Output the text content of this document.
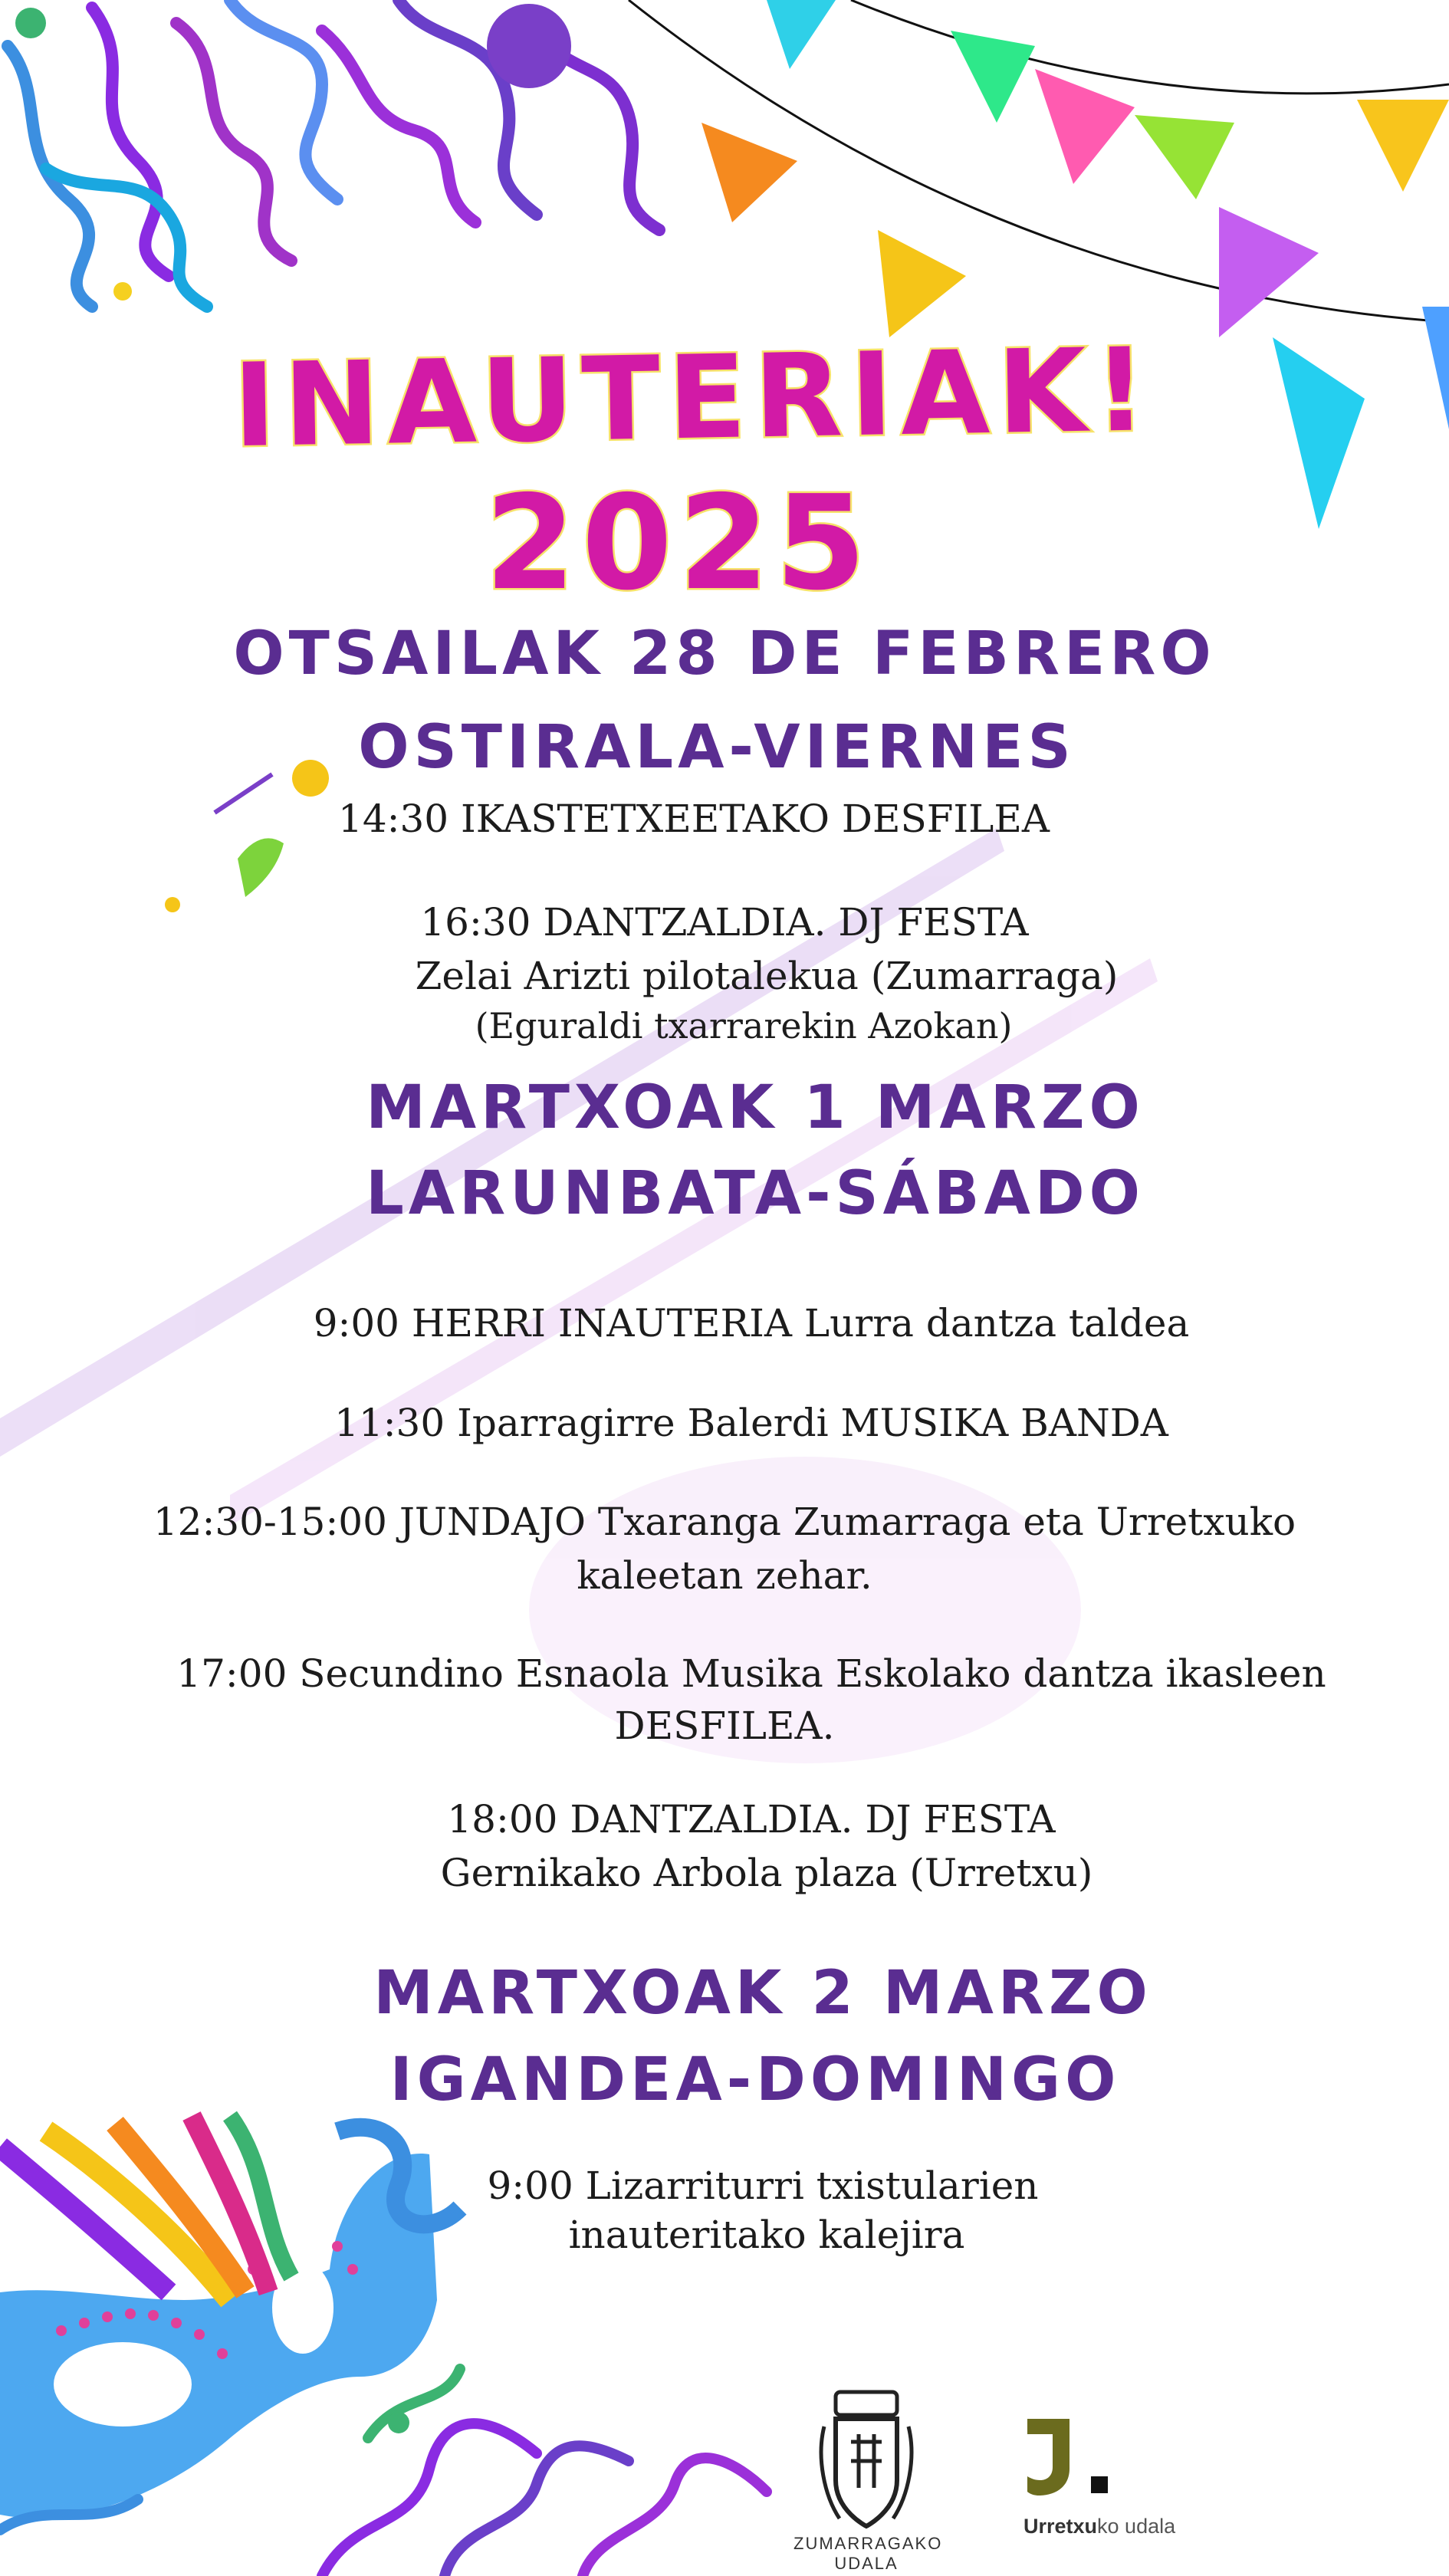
INAUTERIAK!
2025
OTSAILAK 28 DE FEBRERO
OSTIRALA-VIERNES
14:30 IKASTETXEETAKO DESFILEA
16:30 DANTZALDIA. DJ FESTA
Zelai Arizti pilotalekua (Zumarraga)
(Eguraldi txarrarekin Azokan)
MARTXOAK 1 MARZO
LARUNBATA-SÁBADO
9:00 HERRI INAUTERIA Lurra dantza taldea
11:30 Iparragirre Balerdi MUSIKA BANDA
12:30-15:00 JUNDAJO Txaranga Zumarraga eta Urretxuko
kaleetan zehar.
17:00 Secundino Esnaola Musika Eskolako dantza ikasleen
DESFILEA.
18:00 DANTZALDIA. DJ FESTA
Gernikako Arbola plaza (Urretxu)
MARTXOAK 2 MARZO
IGANDEA-DOMINGO
9:00 Lizarriturri txistularien
inauteritako kalejira
ZUMARRAGAKO
UDALA
Urretxuko udala
